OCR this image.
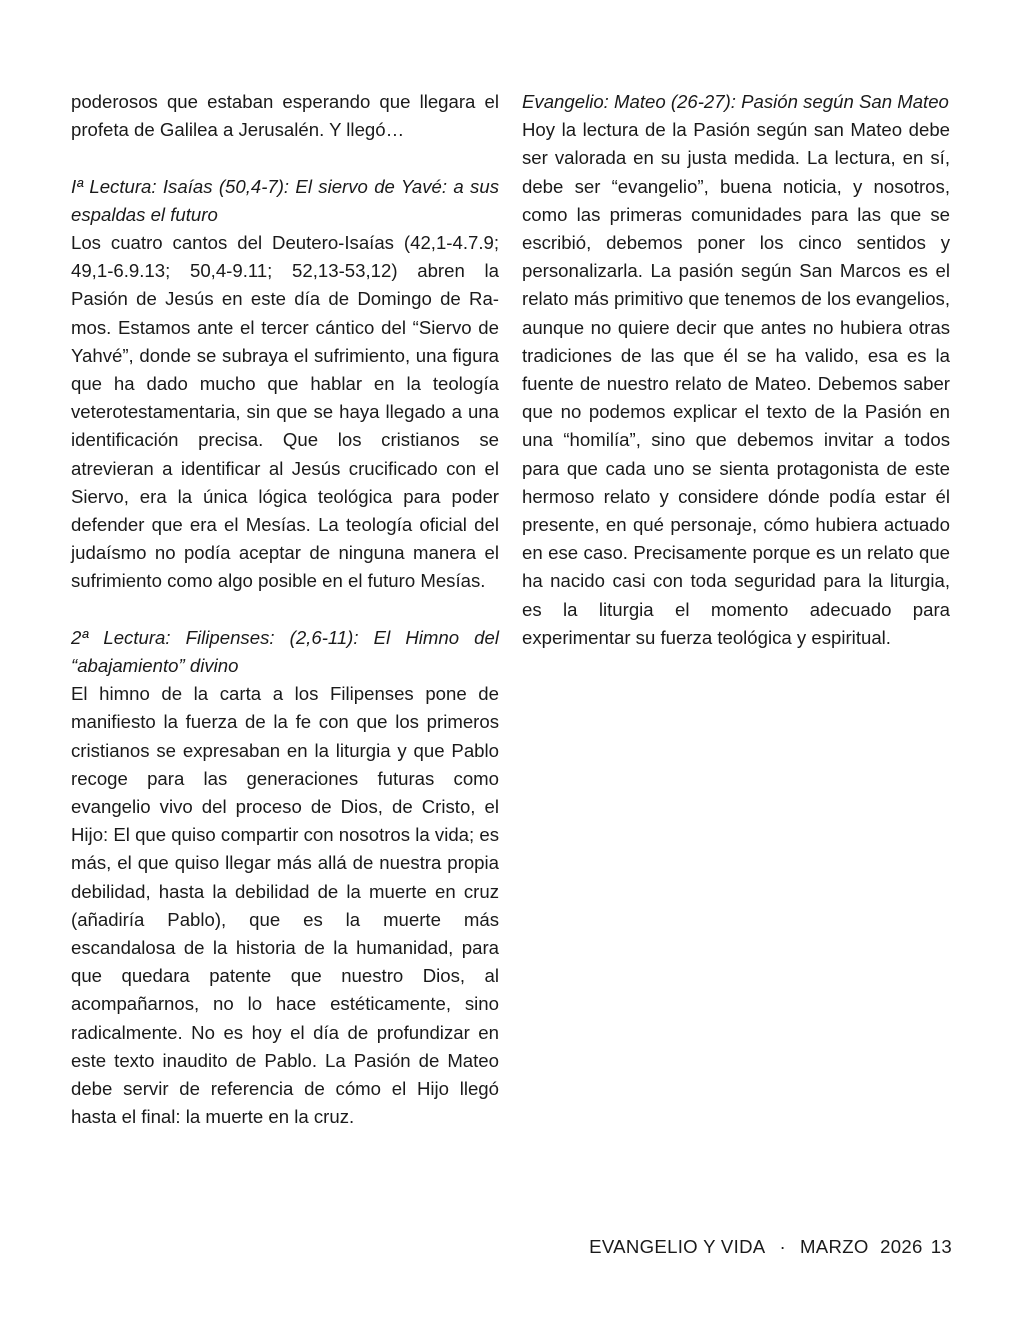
poderosos que estaban esperando que llegara el profeta de Galilea a Jerusalén. Y llegó…

Iª Lectura: Isaías (50,4-7): El siervo de Yavé: a sus espaldas el futuro

Los cuatro cantos del Deutero-Isaías (42,1-4.7.9; 49,1-6.9.13; 50,4-9.11; 52,13-53,12) abren la Pasión de Jesús en este día de Domingo de Ramos. Estamos ante el tercer cántico del “Siervo de Yahvé”, donde se subraya el sufrimiento, una figura que ha dado mucho que hablar en la teología veterotestamentaria, sin que se haya llegado a una identificación precisa. Que los cristianos se atrevieran a identificar al Jesús crucificado con el Siervo, era la única lógica teológica para poder defender que era el Mesías. La teología oficial del judaísmo no podía aceptar de ninguna manera el sufrimiento como algo posible en el futuro Mesías.

2ª Lectura: Filipenses: (2,6-11): El Himno del “abajamiento” divino

El himno de la carta a los Filipenses pone de manifiesto la fuerza de la fe con que los primeros cristianos se expresaban en la liturgia y que Pablo recoge para las generaciones futuras como evangelio vivo del proceso de Dios, de Cristo, el Hijo: El que quiso compartir con nosotros la vida; es más, el que quiso llegar más allá de nuestra propia debilidad, hasta la debilidad de la muerte en cruz (añadiría Pablo), que es la muerte más escandalosa de la historia de la humanidad, para que quedara patente que nuestro Dios, al acompañarnos, no lo hace estéticamente, sino radicalmente. No es hoy el día de profundizar en este texto inaudito de Pablo. La Pasión de Mateo debe servir de referencia de cómo el Hijo llegó hasta el final: la muerte en la cruz.

Evangelio: Mateo (26-27): Pasión según San Mateo

Hoy la lectura de la Pasión según san Mateo debe ser valorada en su justa medida. La lectura, en sí, debe ser “evangelio”, buena noticia, y nosotros, como las primeras comunidades para las que se escribió, debemos poner los cinco sentidos y personalizarla. La pasión según San Marcos es el relato más primitivo que tenemos de los evangelios, aunque no quiere decir que antes no hubiera otras tradiciones de las que él se ha valido, esa es la fuente de nuestro relato de Mateo. Debemos saber que no podemos explicar el texto de la Pasión en una “homilía”, sino que debemos invitar a todos para que cada uno se sienta protagonista de este hermoso relato y considere dónde podía estar él presente, en qué personaje, cómo hubiera actuado en ese caso. Precisamente porque es un relato que ha nacido casi con toda seguridad para la liturgia, es la liturgia el momento adecuado para experimentar su fuerza teológica y espiritual.

EVANGELIO Y VIDA · MARZO 2026 13
